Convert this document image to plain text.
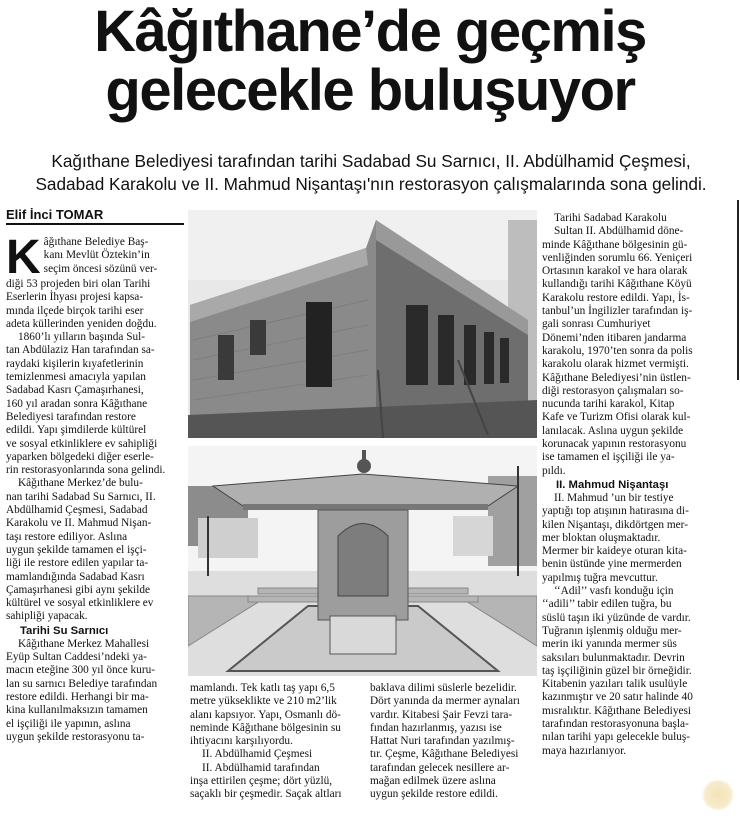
Kâğıthane’de geçmiş
gelecekle buluşuyor
Kağıthane Belediyesi tarafından tarihi Sadabad Su Sarnıcı, II. Abdülhamid Çeşmesi,
Sadabad Karakolu ve II. Mahmud Nişantaşı'nın restorasyon çalışmalarında sona gelindi.
Elif İnci TOMAR
K âğıthane Belediye Baş-
kanı Mevlüt Öztekin’in
seçim öncesi sözünü ver-

diği 53 projeden biri olan Tarihi
Eserlerin İhyası projesi kapsa-
mında ilçede birçok tarihi eser
adeta küllerinden yeniden doğdu.

1860’lı yılların başında Sul-

tan Abdülaziz Han tarafından sa-
raydaki kişilerin kıyafetlerinin
temizlenmesi amacıyla yapılan
Sadabad Kasrı Çamaşırhanesi,
160 yıl aradan sonra Kâğıthane
Belediyesi tarafından restore
edildi. Yapı şimdilerde kültürel
ve sosyal etkinliklere ev sahipliği
yaparken bölgedeki diğer eserle-
rin restorasyonlarında sona gelindi.

Kâğıthane Merkez’de bulu-

nan tarihi Sadabad Su Sarnıcı, II.
Abdülhamid Çeşmesi, Sadabad
Karakolu ve II. Mahmud Nişan-
taşı restore ediliyor. Aslına
uygun şekilde tamamen el işçi-
liği ile restore edilen yapılar ta-
mamlandığında Sadabad Kasrı
Çamaşırhanesi gibi aynı şekilde
kültürel ve sosyal etkinliklere ev
sahipliği yapacak.

Tarihi Su Sarnıcı

Kâğıthane Merkez Mahallesi

Eyüp Sultan Caddesi’ndeki ya-
macın eteğine 300 yıl önce kuru-
lan su sarnıcı Belediye tarafından
restore edildi. Herhangi bir ma-
kina kullanılmaksızın tamamen
el işçiliği ile yapının, aslına
uygun şekilde restorasyonu ta-

mamlandı. Tek katlı taş yapı 6,5
metre yükseklikte ve 210 m2’lik
alanı kapsıyor. Yapı, Osmanlı dö-
neminde Kâğıthane bölgesinin su
ihtiyacını karşılıyordu.

II. Abdülhamid Çeşmesi

II. Abdülhamid tarafından

inşa ettirilen çeşme; dört yüzlü,
saçaklı bir çeşmedir. Saçak altları

baklava dilimi süslerle bezelidir.
Dört yanında da mermer aynaları
vardır. Kitabesi Şair Fevzi tara-
fından hazırlanmış, yazısı ise
Hattat Nuri tarafından yazılmış-
tır. Çeşme, Kâğıthane Belediyesi
tarafından gelecek nesillere ar-
mağan edilmek üzere aslına
uygun şekilde restore edildi.

Tarihi Sadabad Karakolu

Sultan II. Abdülhamid döne-

minde Kâğıthane bölgesinin gü-
venliğinden sorumlu 66. Yeniçeri
Ortasının karakol ve hara olarak
kullandığı tarihi Kâğıthane Köyü
Karakolu restore edildi. Yapı, İs-
tanbul’un İngilizler tarafından iş-
gali sonrası Cumhuriyet
Dönemi’nden itibaren jandarma
karakolu, 1970’ten sonra da polis
karakolu olarak hizmet vermişti.
Kâğıthane Belediyesi’nin üstlen-
diği restorasyon çalışmaları so-
nucunda tarihi karakol, Kitap
Kafe ve Turizm Ofisi olarak kul-
lanılacak. Aslına uygun şekilde
korunacak yapının restorasyonu
ise tamamen el işçiliği ile ya-
pıldı.

II. Mahmud Nişantaşı

II. Mahmud ’un bir testiye

yaptığı top atışının hatırasına di-
kilen Nişantaşı, dikdörtgen mer-
mer bloktan oluşmaktadır.
Mermer bir kaideye oturan kita-
benin üstünde yine mermerden
yapılmış tuğra mevcuttur.

‘‘Adil’’ vasfı konduğu için

‘‘adili’’ tabir edilen tuğra, bu
süslü taşın iki yüzünde de vardır.
Tuğranın işlenmiş olduğu mer-
merin iki yanında mermer süs
saksıları bulunmaktadır. Devrin
taş işçiliğinin güzel bir örneğidir.
Kitabenin yazıları talik usulüyle
kazınmıştır ve 20 satır halinde 40
mısralıktır. Kâğıthane Belediyesi
tarafından restorasyonuna başla-
nılan tarihi yapı gelecekle buluş-
maya hazırlanıyor.
